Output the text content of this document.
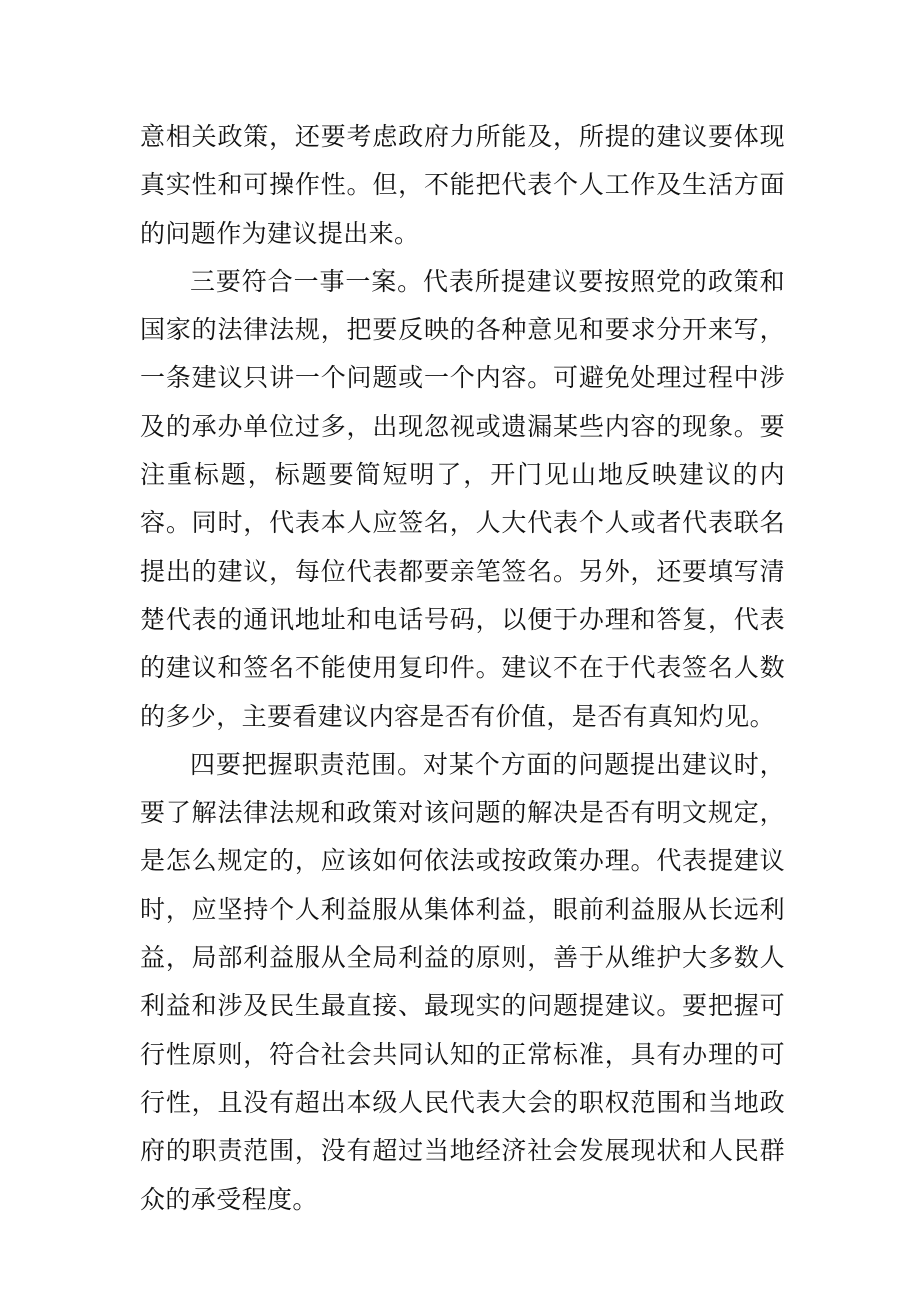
意相关政策，还要考虑政府力所能及，所提的建议要体现真实性和可操作性。但，不能把代表个人工作及生活方面的问题作为建议提出来。

三要符合一事一案。代表所提建议要按照党的政策和国家的法律法规，把要反映的各种意见和要求分开来写，一条建议只讲一个问题或一个内容。可避免处理过程中涉及的承办单位过多，出现忽视或遗漏某些内容的现象。要注重标题，标题要简短明了，开门见山地反映建议的内容。同时，代表本人应签名，人大代表个人或者代表联名提出的建议，每位代表都要亲笔签名。另外，还要填写清楚代表的通讯地址和电话号码，以便于办理和答复，代表的建议和签名不能使用复印件。建议不在于代表签名人数的多少，主要看建议内容是否有价值，是否有真知灼见。

四要把握职责范围。对某个方面的问题提出建议时，要了解法律法规和政策对该问题的解决是否有明文规定，是怎么规定的，应该如何依法或按政策办理。代表提建议时，应坚持个人利益服从集体利益，眼前利益服从长远利益，局部利益服从全局利益的原则，善于从维护大多数人利益和涉及民生最直接、最现实的问题提建议。要把握可行性原则，符合社会共同认知的正常标准，具有办理的可行性，且没有超出本级人民代表大会的职权范围和当地政府的职责范围，没有超过当地经济社会发展现状和人民群众的承受程度。
